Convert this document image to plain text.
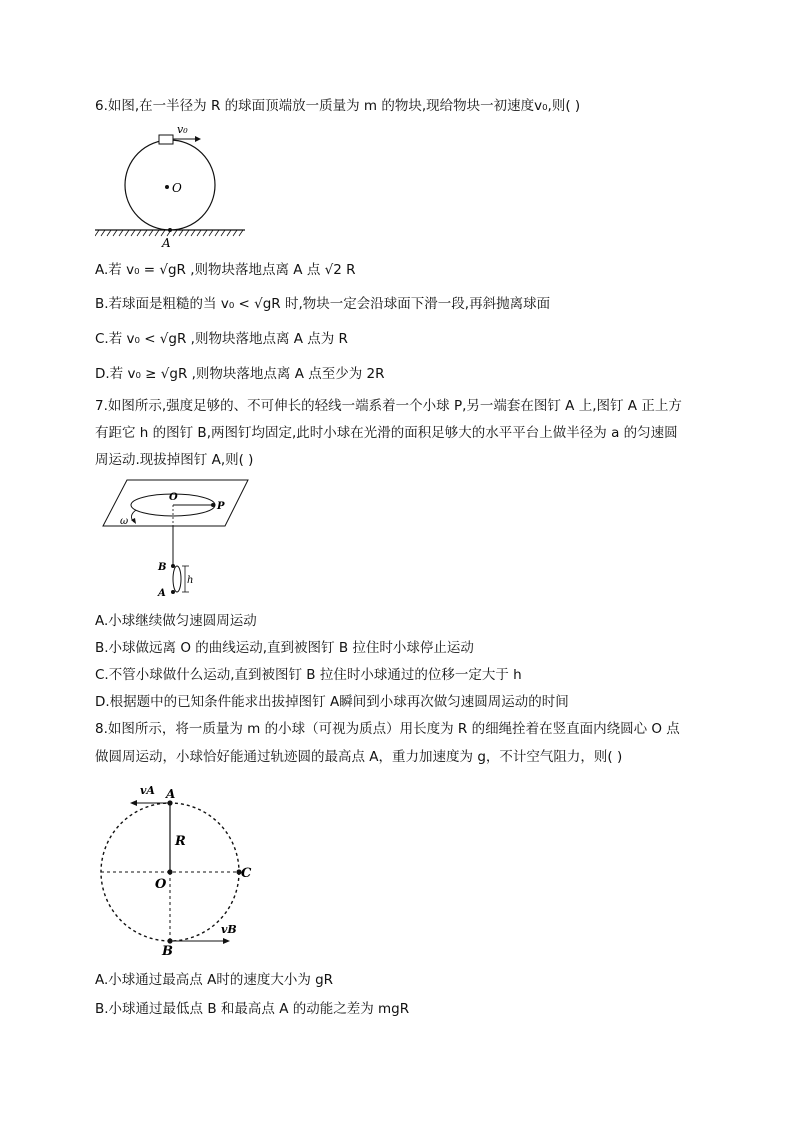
6.如图,在一半径为 R 的球面顶端放一质量为 m 的物块,现给物块一初速度v₀,则( )
v₀
O
A
A.若 v₀ = √gR ,则物块落地点离 A 点 √2 R
B.若球面是粗糙的当 v₀ < √gR 时,物块一定会沿球面下滑一段,再斜抛离球面
C.若 v₀ < √gR ,则物块落地点离 A 点为 R
D.若 v₀ ≥ √gR ,则物块落地点离 A 点至少为 2R
7.如图所示,强度足够的、不可伸长的轻线一端系着一个小球 P,另一端套在图钉 A 上,图钉 A 正上方
有距它 h 的图钉 B,两图钉均固定,此时小球在光滑的面积足够大的水平平台上做半径为 a 的匀速圆
周运动.现拔掉图钉 A,则( )
O
P
ω
B
A
h
A.小球继续做匀速圆周运动
B.小球做远离 O 的曲线运动,直到被图钉 B 拉住时小球停止运动
C.不管小球做什么运动,直到被图钉 B 拉住时小球通过的位移一定大于 h
D.根据题中的已知条件能求出拔掉图钉 A瞬间到小球再次做匀速圆周运动的时间
8.如图所示，将一质量为 m 的小球（可视为质点）用长度为 R 的细绳拴着在竖直面内绕圆心 O 点
做圆周运动，小球恰好能通过轨迹圆的最高点 A，重力加速度为 g，不计空气阻力，则( )
vA A
R
O
C
B
vB
A.小球通过最高点 A时的速度大小为 gR
B.小球通过最低点 B 和最高点 A 的动能之差为 mgR
